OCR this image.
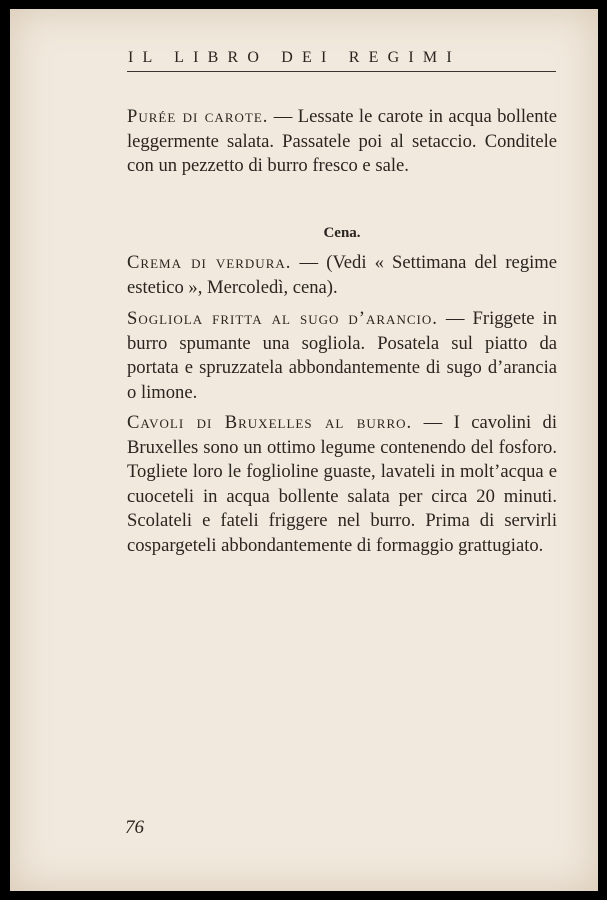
IL LIBRO DEI REGIMI

Purée di carote. — Lessate le carote in acqua bollente leggermente salata. Passatele poi al setaccio. Conditele con un pezzetto di burro fresco e sale.

Cena.

Crema di verdura. — (Vedi « Settimana del regime estetico », Mercoledì, cena).

Sogliola fritta al sugo d’arancio. — Friggete in burro spumante una sogliola. Posatela sul piatto da portata e spruzzatela abbondantemente di sugo d’arancia o limone.

Cavoli di Bruxelles al burro. — I cavolini di Bruxelles sono un ottimo legume contenendo del fosforo. Togliete loro le foglioline guaste, lavateli in molt’acqua e cuoceteli in acqua bollente salata per circa 20 minuti. Scolateli e fateli friggere nel burro. Prima di servirli cospargeteli abbondantemente di formaggio grattugiato.

76
